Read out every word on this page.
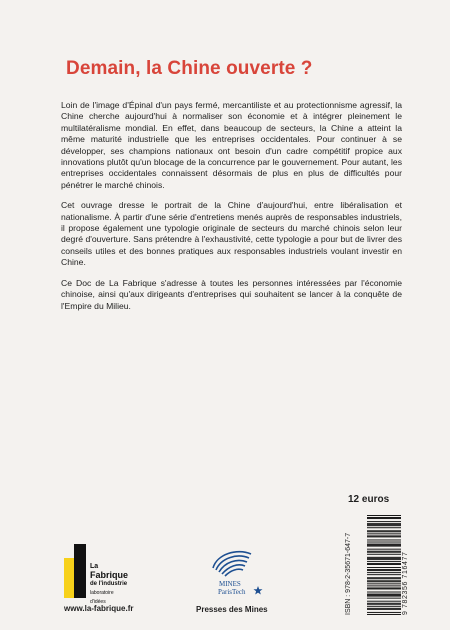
Demain, la Chine ouverte ?

Loin de l'image d'Épinal d'un pays fermé, mercantiliste et au protectionnisme agressif, la Chine cherche aujourd'hui à normaliser son économie et à intégrer pleinement le multilatéralisme mondial. En effet, dans beaucoup de secteurs, la Chine a atteint la même maturité industrielle que les entreprises occidentales. Pour continuer à se développer, ses champions nationaux ont besoin d'un cadre compétitif propice aux innovations plutôt qu'un blocage de la concurrence par le gouvernement. Pour autant, les entreprises occidentales connaissent désormais de plus en plus de difficultés pour pénétrer le marché chinois.

Cet ouvrage dresse le portrait de la Chine d'aujourd'hui, entre libéralisation et nationalisme. À partir d'une série d'entretiens menés auprès de responsables industriels, il propose également une typologie originale de secteurs du marché chinois selon leur degré d'ouverture. Sans prétendre à l'exhaustivité, cette typologie a pour but de livrer des conseils utiles et des bonnes pratiques aux responsables industriels voulant investir en Chine.

Ce Doc de La Fabrique s'adresse à toutes les personnes intéressées par l'économie chinoise, ainsi qu'aux dirigeants d'entreprises qui souhaitent se lancer à la conquête de l'Empire du Milieu.

12 euros
ISBN : 978-2-35671-647-7	9 782356 716477
La
Fabrique
de l'industrie
laboratoire d'idées
www.la-fabrique.fr
MINES
ParisTech
Presses des Mines
